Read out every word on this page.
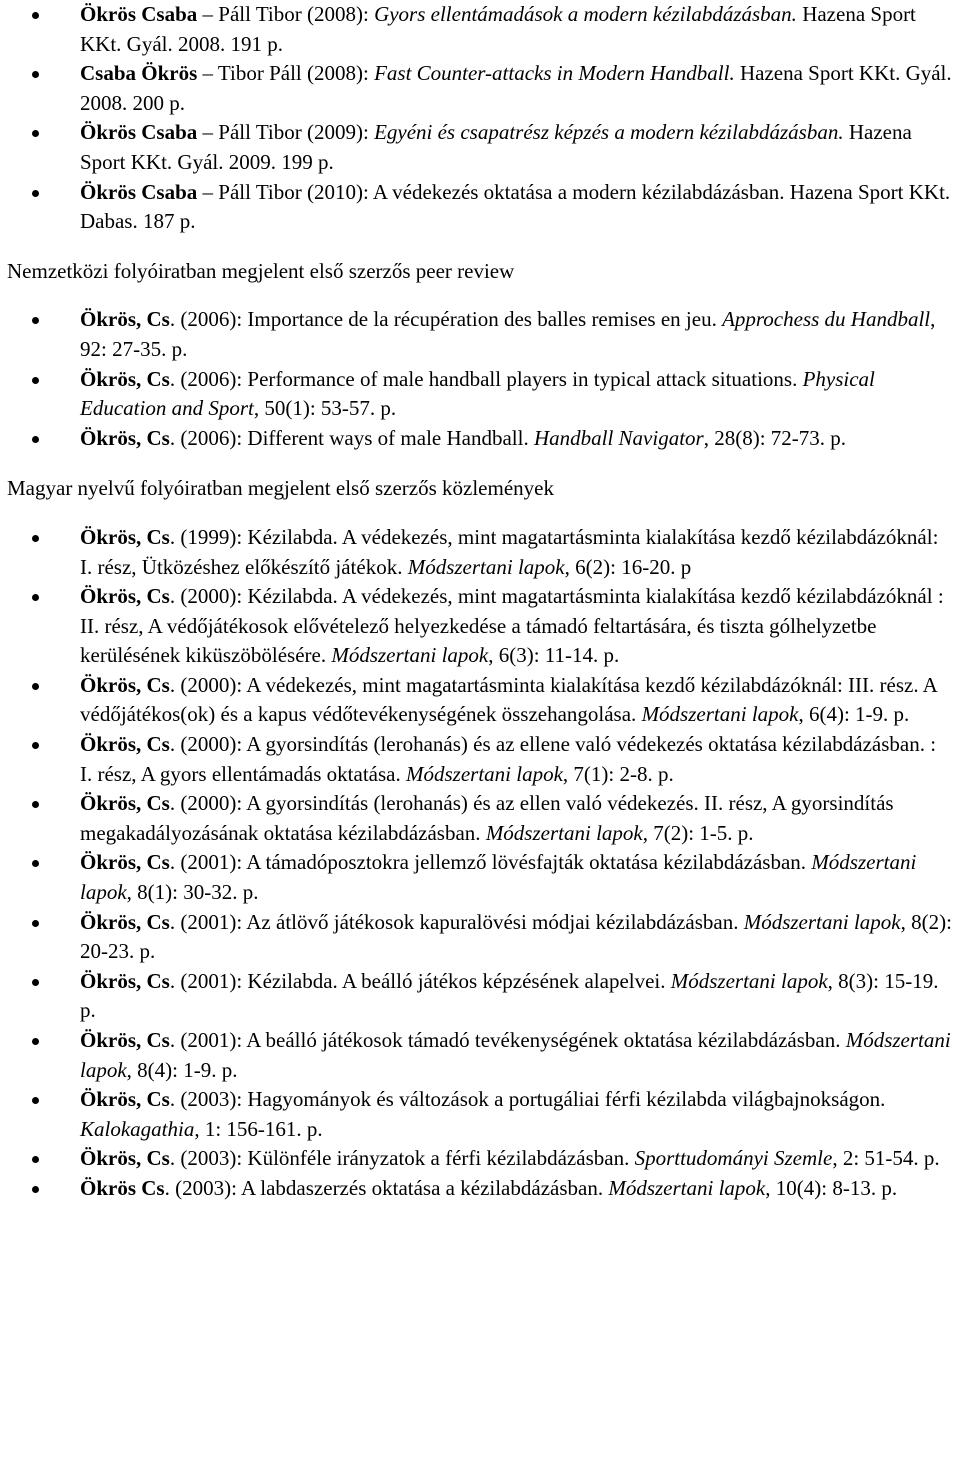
Ökrös Csaba – Páll Tibor (2008): Gyors ellentámadások a modern kézilabdázásban. Hazena Sport KKt. Gyál. 2008. 191 p.
Csaba Ökrös – Tibor Páll (2008): Fast Counter-attacks in Modern Handball. Hazena Sport KKt. Gyál. 2008. 200 p.
Ökrös Csaba – Páll Tibor (2009): Egyéni és csapatrész képzés a modern kézilabdázásban. Hazena Sport KKt. Gyál. 2009. 199 p.
Ökrös Csaba – Páll Tibor (2010): A védekezés oktatása a modern kézilabdázásban. Hazena Sport KKt. Dabas. 187 p.
Nemzetközi folyóiratban megjelent első szerzős peer review
Ökrös, Cs. (2006): Importance de la récupération des balles remises en jeu. Approchess du Handball, 92: 27-35. p.
Ökrös, Cs. (2006): Performance of male handball players in typical attack situations. Physical Education and Sport, 50(1): 53-57. p.
Ökrös, Cs. (2006): Different ways of male Handball. Handball Navigator, 28(8): 72-73. p.
Magyar nyelvű folyóiratban megjelent első szerzős közlemények
Ökrös, Cs. (1999): Kézilabda. A védekezés, mint magatartásminta kialakítása kezdő kézilabdázóknál: I. rész, Ütközéshez előkészítő játékok. Módszertani lapok, 6(2): 16-20. p
Ökrös, Cs. (2000): Kézilabda. A védekezés, mint magatartásminta kialakítása kezdő kézilabdázóknál : II. rész, A védőjátékosok elővételező helyezkedése a támadó feltartására, és tiszta gólhelyzetbe kerülésének kiküszöbölésére. Módszertani lapok, 6(3): 11-14. p.
Ökrös, Cs. (2000): A védekezés, mint magatartásminta kialakítása kezdő kézilabdázóknál: III. rész. A védőjátékos(ok) és a kapus védőtevékenységének összehangolása. Módszertani lapok, 6(4): 1-9. p.
Ökrös, Cs. (2000): A gyorsindítás (lerohanás) és az ellene való védekezés oktatása kézilabdázásban. : I. rész, A gyors ellentámadás oktatása. Módszertani lapok, 7(1): 2-8. p.
Ökrös, Cs. (2000): A gyorsindítás (lerohanás) és az ellen való védekezés. II. rész, A gyorsindítás megakadályozásának oktatása kézilabdázásban. Módszertani lapok, 7(2): 1-5. p.
Ökrös, Cs. (2001): A támadóposztokra jellemző lövésfajták oktatása kézilabdázásban. Módszertani lapok, 8(1): 30-32. p.
Ökrös, Cs. (2001): Az átlövő játékosok kapuralövési módjai kézilabdázásban. Módszertani lapok, 8(2): 20-23. p.
Ökrös, Cs. (2001): Kézilabda. A beálló játékos képzésének alapelvei. Módszertani lapok, 8(3): 15-19. p.
Ökrös, Cs. (2001): A beálló játékosok támadó tevékenységének oktatása kézilabdázásban. Módszertani lapok, 8(4): 1-9. p.
Ökrös, Cs. (2003): Hagyományok és változások a portugáliai férfi kézilabda világbajnokságon. Kalokagathia, 1: 156-161. p.
Ökrös, Cs. (2003): Különféle irányzatok a férfi kézilabdázásban. Sporttudományi Szemle, 2: 51-54. p.
Ökrös Cs. (2003): A labdaszerzés oktatása a kézilabdázásban. Módszertani lapok, 10(4): 8-13. p.
